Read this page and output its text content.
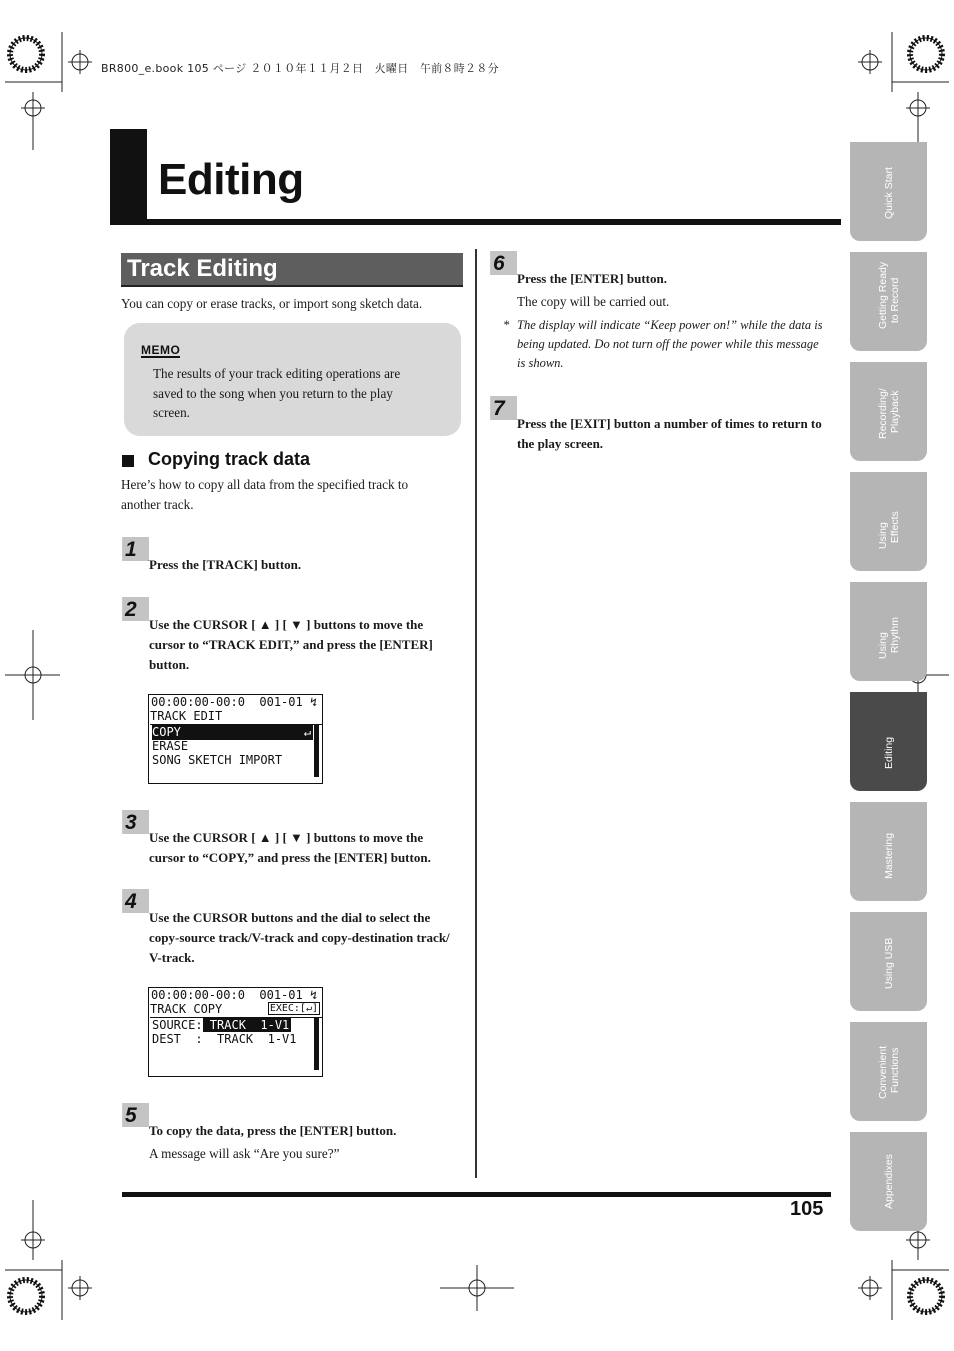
BR800_e.book 105 ページ ２０１０年１１月２日　火曜日　午前８時２８分
Editing
Track Editing
You can copy or erase tracks, or import song sketch data.
MEMO
The results of your track editing operations are
saved to the song when you return to the play
screen.
Copying track data
Here’s how to copy all data from the specified track to
another track.
1
Press the [TRACK] button.
2
Use the CURSOR [ ▲ ] [ ▼ ] buttons to move the
cursor to “TRACK EDIT,” and press the [ENTER]
button.
00:00:00-00:0  001-01 ↯
TRACK EDIT
COPY	↵
ERASE
SONG SKETCH IMPORT
3
Use the CURSOR [ ▲ ] [ ▼ ] buttons to move the
cursor to “COPY,” and press the [ENTER] button.
4
Use the CURSOR buttons and the dial to select the
copy-source track/V-track and copy-destination track/
V-track.
00:00:00-00:0  001-01 ↯
TRACK COPY	EXEC:[↵]
SOURCE: TRACK  1-V1
DEST  :  TRACK  1-V1
5
To copy the data, press the [ENTER] button.
A message will ask “Are you sure?”
6
Press the [ENTER] button.
The copy will be carried out.
* The display will indicate “Keep power on!” while the data is
being updated. Do not turn off the power while this message
is shown.
7
Press the [EXIT] button a number of times to return to
the play screen.
105
Quick Start
Getting Ready
to Record
Recording/
Playback
Using
Effects
Using
Rhythm
Editing
Mastering
Using USB
Convenient
Functions
Appendixes
